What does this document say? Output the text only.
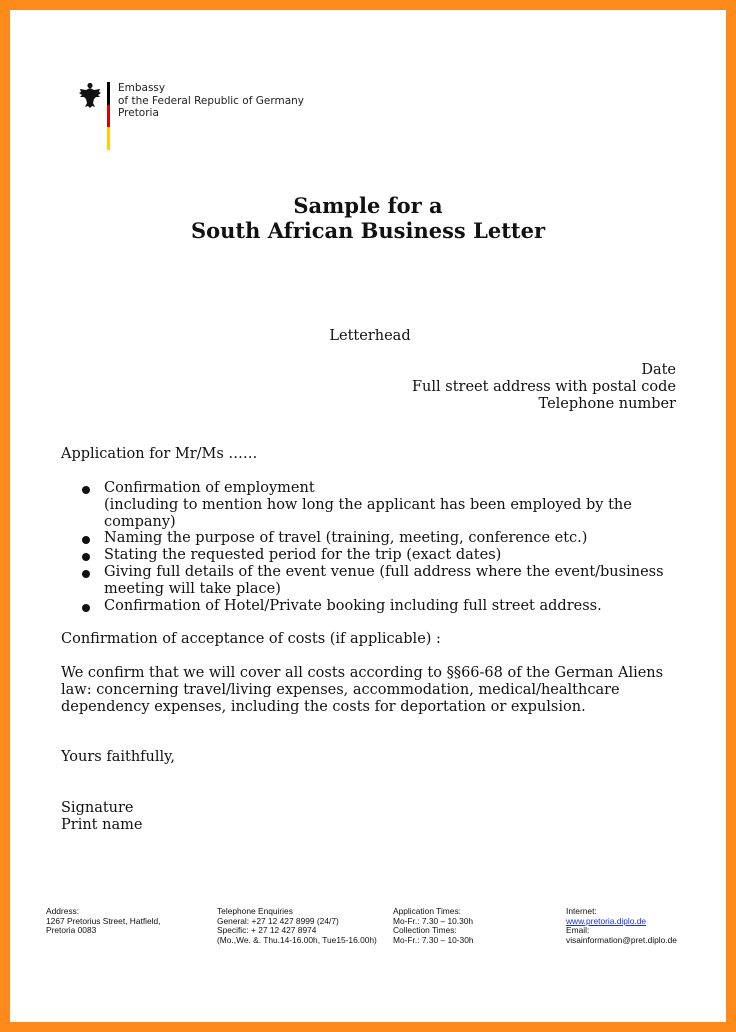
Embassy
of the Federal Republic of Germany
Pretoria
Sample for a
South African Business Letter
Letterhead
Date
Full street address with postal code
Telephone number
Application for Mr/Ms ……
Confirmation of employment
(including to mention how long the applicant has been employed by the company)
Naming the purpose of travel (training, meeting, conference etc.)
Stating the requested period for the trip (exact dates)
Giving full details of the event venue (full address where the event/business meeting will take place)
Confirmation of Hotel/Private booking including full street address.
Confirmation of acceptance of costs (if applicable) :
We confirm that we will cover all costs according to §§66-68 of the German Aliens law: concerning travel/living expenses, accommodation, medical/healthcare dependency expenses, including the costs for deportation or expulsion.
Yours faithfully,
Signature
Print name
Address:
1267 Pretorius Street, Hatfield,
Pretoria 0083
Telephone Enquiries
General: +27 12 427 8999 (24/7)
Specific: + 27 12 427 8974
(Mo.,We. &. Thu.14-16.00h, Tue15-16.00h)
Application Times:
Mo-Fr.: 7.30 – 10.30h
Collection Times:
Mo-Fr.: 7.30 – 10-30h
Internet:
www.pretoria.diplo.de
Email:
visainformation@pret.diplo.de
